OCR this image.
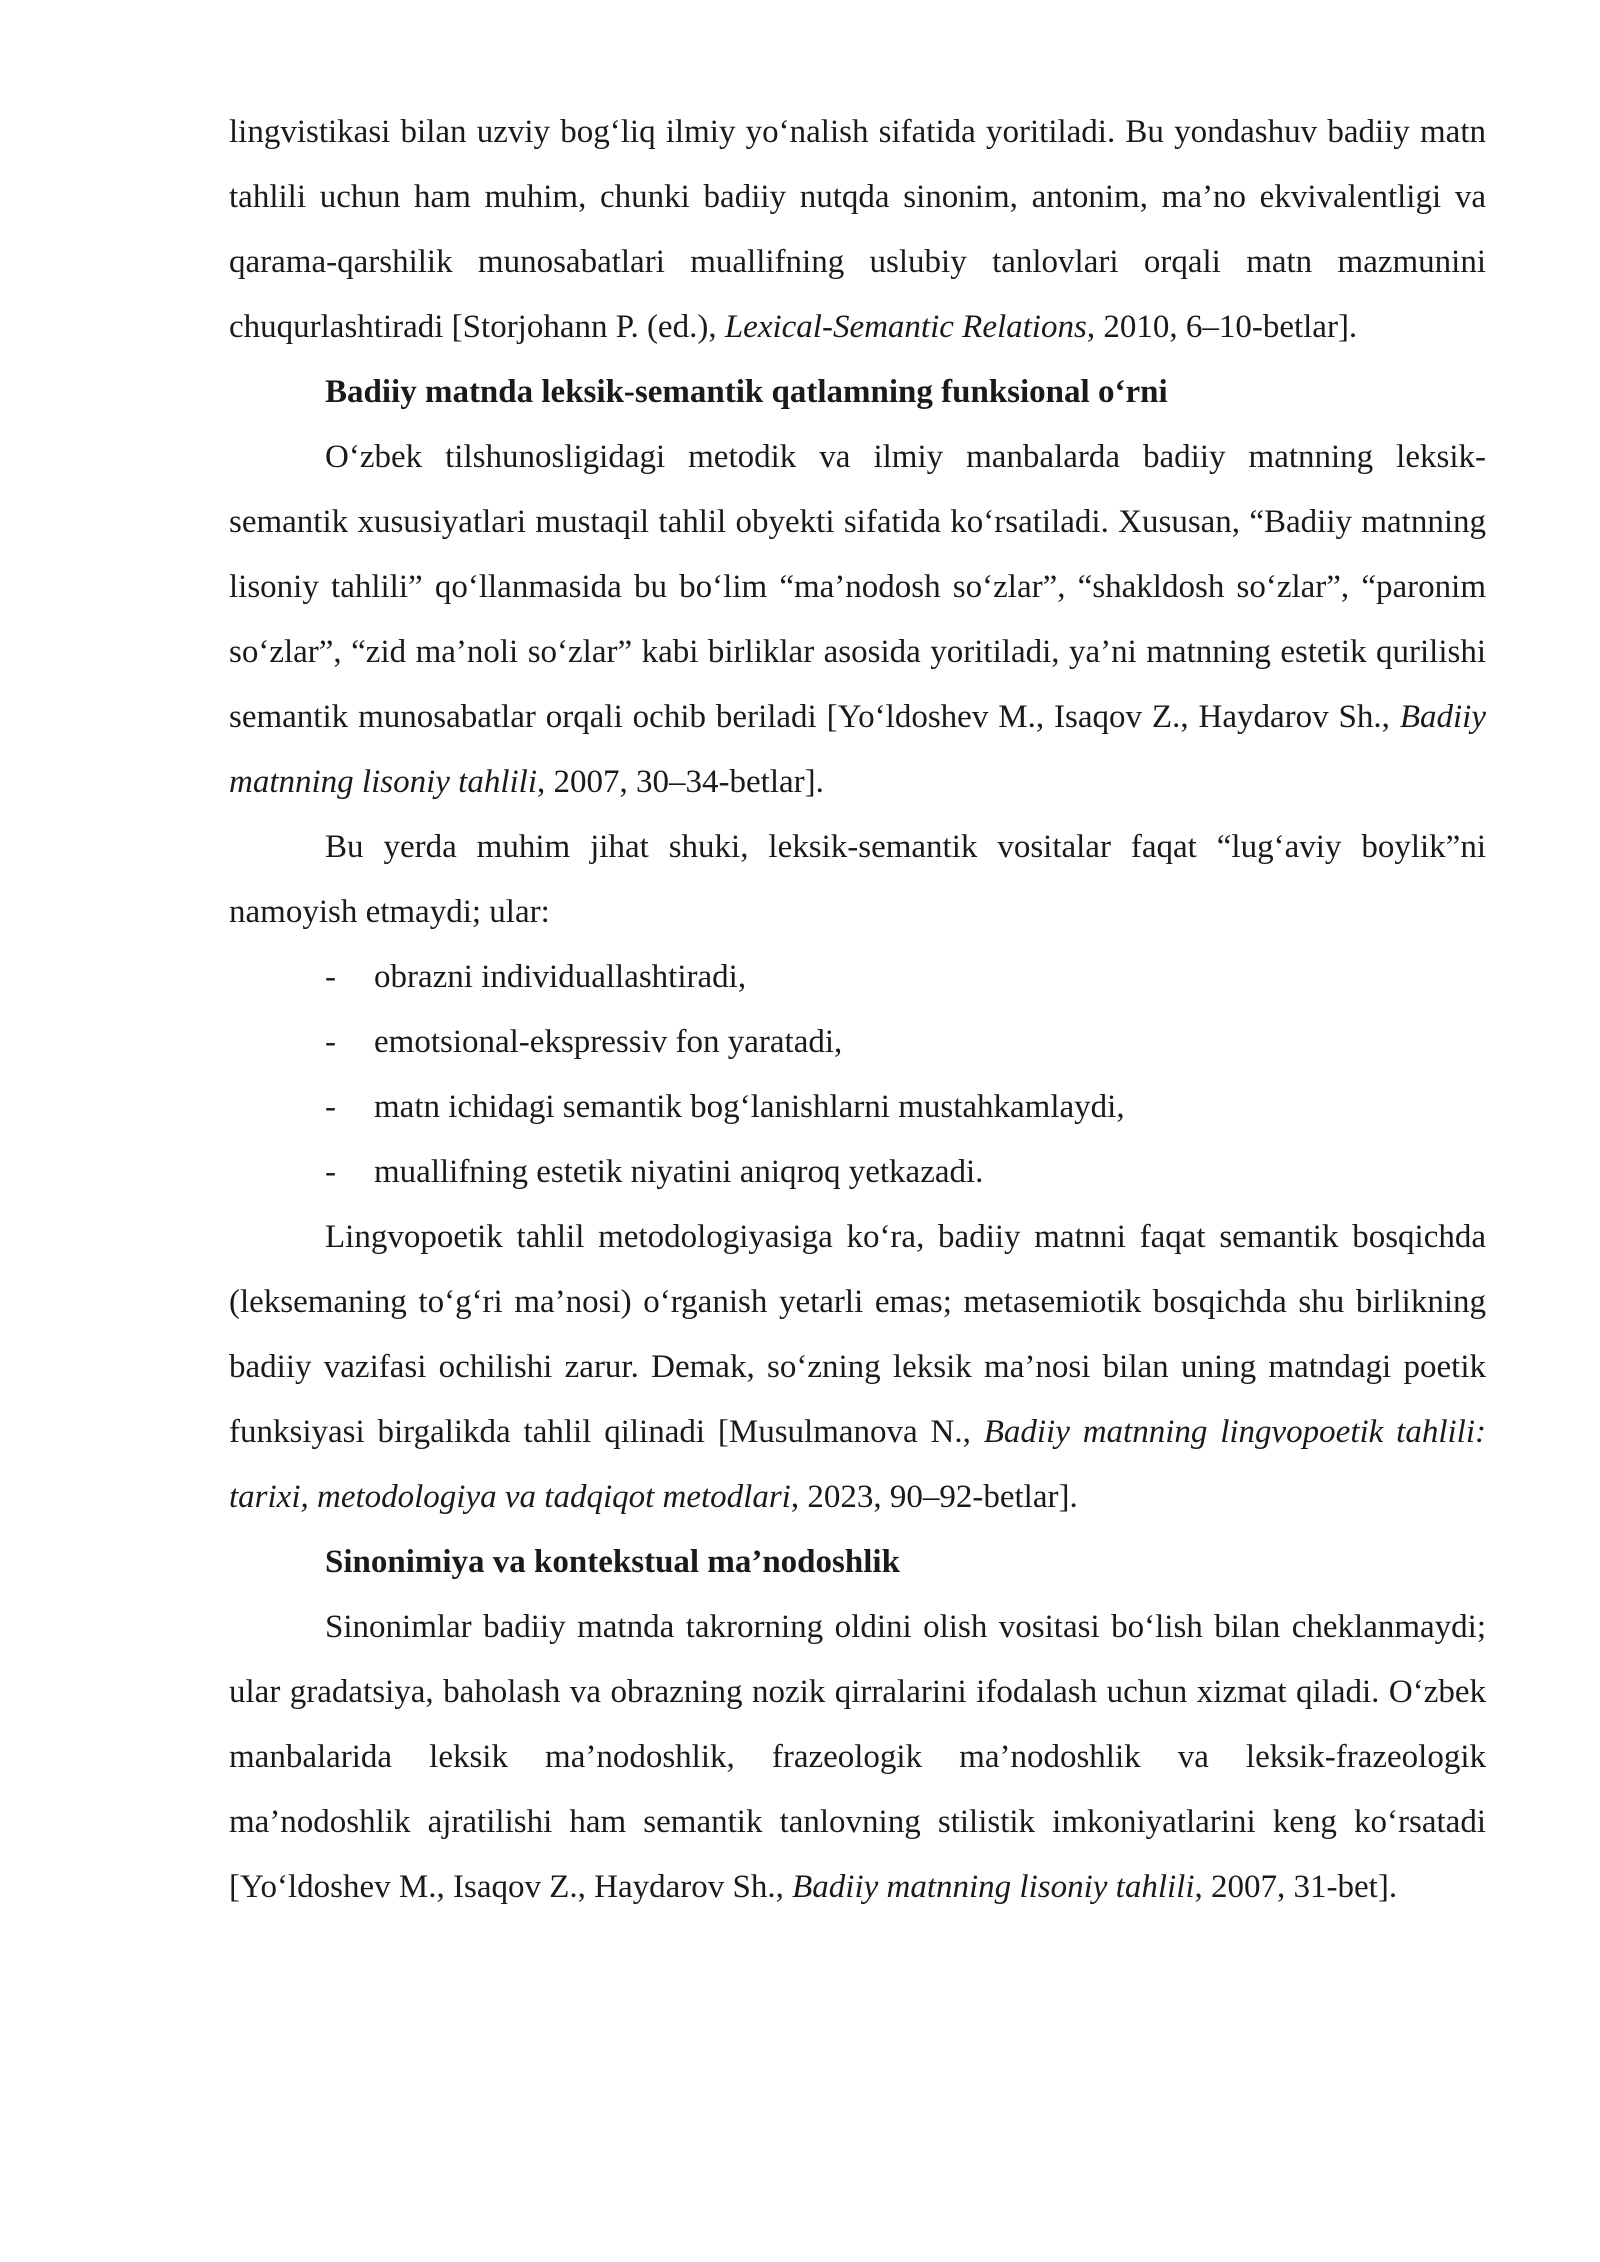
lingvistikasi bilan uzviy bog‘liq ilmiy yo‘nalish sifatida yoritiladi. Bu yondashuv badiiy matn tahlili uchun ham muhim, chunki badiiy nutqda sinonim, antonim, ma’no ekvivalentligi va qarama-qarshilik munosabatlari muallifning uslubiy tanlovlari orqali matn mazmunini chuqurlashtiradi [Storjohann P. (ed.), Lexical-Semantic Relations, 2010, 6–10-betlar].

Badiiy matnda leksik-semantik qatlamning funksional o‘rni

O‘zbek tilshunosligidagi metodik va ilmiy manbalarda badiiy matnning leksik-semantik xususiyatlari mustaqil tahlil obyekti sifatida ko‘rsatiladi. Xususan, “Badiiy matnning lisoniy tahlili” qo‘llanmasida bu bo‘lim “ma’nodosh so‘zlar”, “shakldosh so‘zlar”, “paronim so‘zlar”, “zid ma’noli so‘zlar” kabi birliklar asosida yoritiladi, ya’ni matnning estetik qurilishi semantik munosabatlar orqali ochib beriladi [Yo‘ldoshev M., Isaqov Z., Haydarov Sh., Badiiy matnning lisoniy tahlili, 2007, 30–34-betlar].

Bu yerda muhim jihat shuki, leksik-semantik vositalar faqat “lug‘aviy boylik”ni namoyish etmaydi; ular:

- obrazni individuallashtiradi,
- emotsional-ekspressiv fon yaratadi,
- matn ichidagi semantik bog‘lanishlarni mustahkamlaydi,
- muallifning estetik niyatini aniqroq yetkazadi.

Lingvopoetik tahlil metodologiyasiga ko‘ra, badiiy matnni faqat semantik bosqichda (leksemaning to‘g‘ri ma’nosi) o‘rganish yetarli emas; metasemiotik bosqichda shu birlikning badiiy vazifasi ochilishi zarur. Demak, so‘zning leksik ma’nosi bilan uning matndagi poetik funksiyasi birgalikda tahlil qilinadi [Musulmanova N., Badiiy matnning lingvopoetik tahlili: tarixi, metodologiya va tadqiqot metodlari, 2023, 90–92-betlar].

Sinonimiya va kontekstual ma’nodoshlik

Sinonimlar badiiy matnda takrorning oldini olish vositasi bo‘lish bilan cheklanmaydi; ular gradatsiya, baholash va obrazning nozik qirralarini ifodalash uchun xizmat qiladi. O‘zbek manbalarida leksik ma’nodoshlik, frazeologik ma’nodoshlik va leksik-frazeologik ma’nodoshlik ajratilishi ham semantik tanlovning stilistik imkoniyatlarini keng ko‘rsatadi [Yo‘ldoshev M., Isaqov Z., Haydarov Sh., Badiiy matnning lisoniy tahlili, 2007, 31-bet].
